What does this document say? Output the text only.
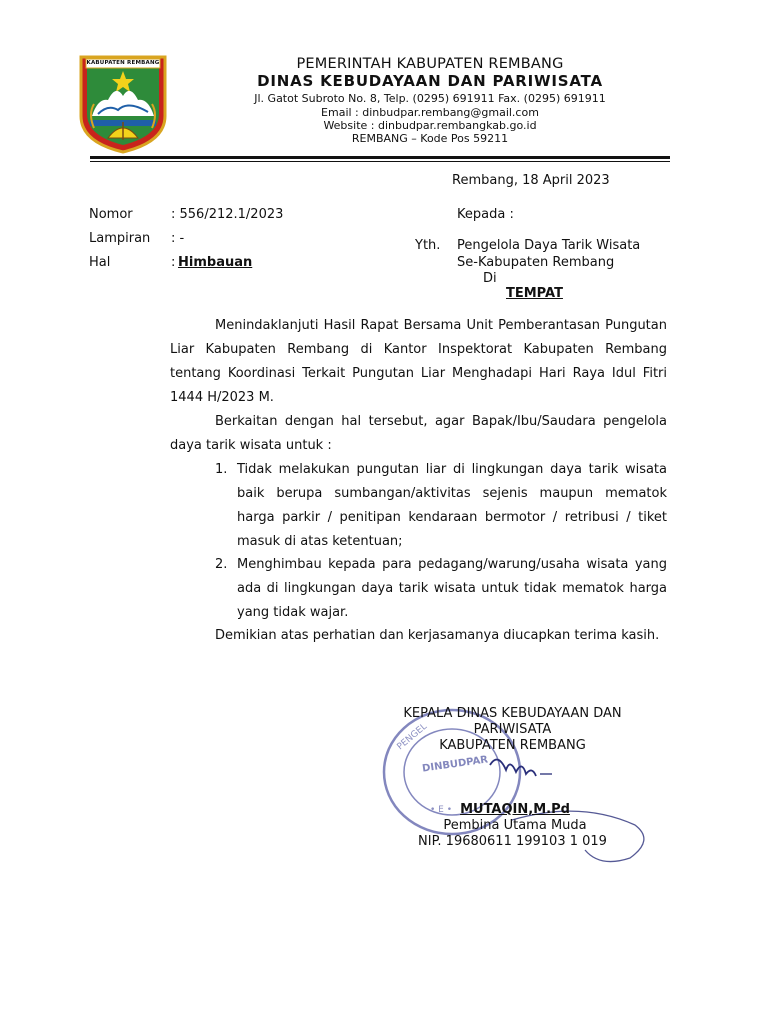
KABUPATEN REMBANG	PEMERINTAH KABUPATEN REMBANG
DINAS KEBUDAYAAN DAN PARIWISATA
Jl. Gatot Subroto No. 8, Telp. (0295) 691911 Fax. (0295) 691911
Email : dinbudpar.rembang@gmail.com
Website : dinbudpar.rembangkab.go.id
REMBANG – Kode Pos 59211
Rembang, 18 April 2023
Nomor	: 556/212.1/2023
Lampiran : -
Hal	: Himbauan
Kepada :
Yth. Pengelola Daya Tarik Wisata
Se-Kabupaten Rembang
Di
TEMPAT
Menindaklanjuti Hasil Rapat Bersama Unit Pemberantasan Pungutan Liar Kabupaten Rembang di Kantor Inspektorat Kabupaten Rembang tentang Koordinasi Terkait Pungutan Liar Menghadapi Hari Raya Idul Fitri 1444 H/2023 M.
Berkaitan dengan hal tersebut, agar Bapak/Ibu/Saudara pengelola daya tarik wisata untuk :
1. Tidak melakukan pungutan liar di lingkungan daya tarik wisata baik berupa sumbangan/aktivitas sejenis maupun mematok harga parkir / penitipan kendaraan bermotor / retribusi / tiket masuk di atas ketentuan;
2. Menghimbau kepada para pedagang/warung/usaha wisata yang ada di lingkungan daya tarik wisata untuk tidak mematok harga yang tidak wajar.
Demikian atas perhatian dan kerjasamanya diucapkan terima kasih.
PENGEL
• E •
DINBUDPAR
KEPALA DINAS KEBUDAYAAN DAN
PARIWISATA
KABUPATEN REMBANG
MUTAQIN,M.Pd
Pembina Utama Muda
NIP. 19680611 199103 1 019
